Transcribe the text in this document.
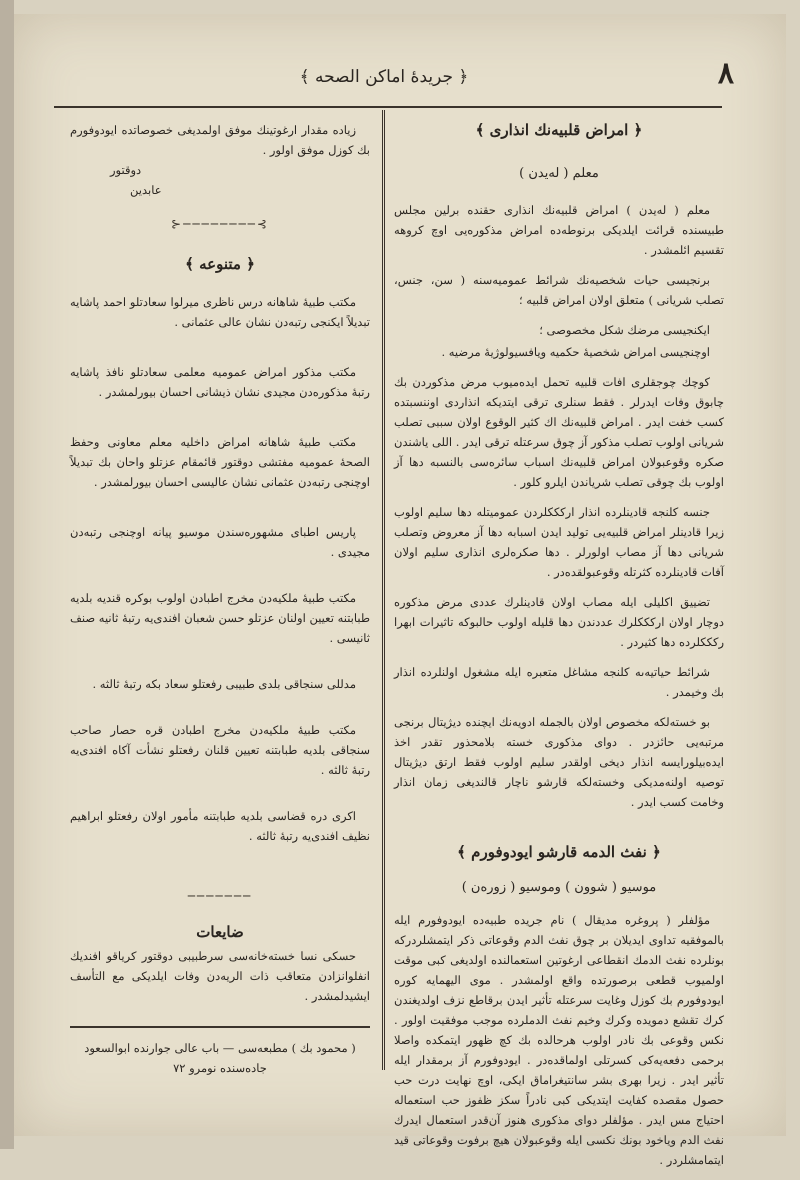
٨
﴿ جريدهٔ اماكن الصحه ﴾
﴿ امراض قلبيه‌نك انذارى ﴾
معلم ( لەيدن )

معلم ( لەيدن ) امراض قلبيه‌نك انذارى حقنده برلين مجلس طبيسنده قرائت ايلديكى برنوطه‌ده امراض مذكوره‌يى اوچ كروهه تقسيم ائلمشدر .

برنجيسى حيات شخصيه‌نك شرائط عموميه‌سنه ( سن، جنس، تصلب شريانى ) متعلق اولان امراض قلبيه ؛

ايكنجيسى مرضك شكل مخصوصى ؛

اوچنجيسى امراض شخصيهٔ حكميه ويافسيولوژيهٔ مرضيه .

كوچك چوجقلرى افات قلبيه تحمل ايده‌ميوب مرض مذكوردن بك چابوق وفات ايدرلر . فقط سنلرى ترقى ايتديكه انذاردى اوننسبتده كسب خفت ايدر . امراض قلبيه‌نك اك كثير الوقوع اولان سببى تصلب شريانى اولوب تصلب مذكور آز چوق سرعتله ترقى ايدر . اللى ياشندن صكره وقوعبولان امراض قلبيه‌نك اسباب سائره‌سى بالنسبه دها آز اولوب بك چوقى تصلب شرياندن ايلرو كلور .

جنسه كلنجه قادينلرده انذار اركككلردن عموميتله دها سليم اولوب زيرا قادينلر امراض قلبيه‌يى توليد ايدن اسبابه دها آز معروض وتصلب شريانى دها آز مصاب اولورلر . دها صكره‌لرى انذارى سليم اولان آفات قادينلرده كثرتله وقوعبولقده‌در .

تضييق اكليلى ايله مصاب اولان قادينلرك عددى مرض مذكوره دوچار اولان اركككلرك عددندن دها قليله اولوب حالبوكه تاثيرات ابهرا ركككلرده دها كثيردر .

شرائط حياتيه‌ىه كلنجه مشاغل متعبره ايله مشغول اولنلرده انذار بك وخيمدر .

بو خسته‌لكه مخصوص اولان بالجمله ادويه‌نك ايچنده ديژيتال برنجى مرتبه‌يى حائزدر . دواى مذكورى خسته بلامحذور تقدر اخذ ايده‌بيلورايسه انذار ديخى اولقدر سليم اولوب فقط ارتق ديژيتال توصيه اولنه‌مديكى وخسته‌لكه قارشو ناچار قالنديغى زمان انذار وخامت كسب ايدر .

﴿ نفث الدمه قارشو ايودوفورم ﴾
موسيو ( شوون ) وموسيو ( زوره‌ن )

مؤلفلر ( پروغره مديقال ) نام جريده طبيه‌ده ايودوفورم ايله بالموفقيه تداوى ايديلان بر چوق نفث الدم وقوعاتى ذكر ايتمشلردركه بونلرده نفث الدمك انقطاعى ارغوتين استعمالنده اولديغى كبى موقت اولميوب قطعى برصورتده واقع اولمشدر . موى اليهمايه كوره ايودوفورم بك كوزل وغايت سرعتله تأثير ايدن برقاطع نزف اولديغندن كرك تقشع دمويده وكرك وخيم نفث الدملرده موجب موفقيت اولور . نكس وقوعى بك نادر اولوب هرحالده بك كچ ظهور ايتمكده واصلا برحمى دفعه‌يه‌كى كسرتلى اولماقده‌در . ايودوفورم آز برمقدار ايله تأثير ايدر . زيرا بهرى بشر سانتيغراماق ايكى، اوچ نهايت درت حب حصول مقصده كفايت ايتديكى كبى نادراً سكز ظفوز حب استعماله احتياج مس ايدر . مؤلفلر دواى مذكورى هنوز آن‌قدر استعمال ايدرك نفث الدم وياخود بونك نكسى ايله وقوعبولان هيچ برفوت وقوعاتى قيد ايتمامشلردر .

زياده مقدار ارغوتينك موفق اولمديغى خصوصاتده ايودوفورم بك كوزل موفق اولور .

دوقتور
عابدين
⊱────────⊰
﴿ متنوعه ﴾

مكتب طبيهٔ شاهانه درس ناظرى ميرلوا سعادتلو احمد پاشايه تبديلاً ايكنجى رتبه‌دن نشان عالى عثمانى .

مكتب مذكور امراض عموميه معلمى سعادتلو نافذ پاشايه رتبهٔ مذكوره‌دن مجيدى نشان ذيشانى احسان بيورلمشدر .

مكتب طبيهٔ شاهانه امراض داخليه معلم معاونى وحفظ الصحهٔ عموميه مفتشى دوقتور قائمقام عزتلو واحان بك تبديلاً اوچنجى رتبه‌دن عثمانى نشان عاليسى احسان بيورلمشدر .

پاريس اطباى مشهوره‌سندن موسيو پيانه اوچنجى رتبه‌دن مجيدى .

مكتب طبيهٔ ملكيه‌دن مخرج اطبادن اولوب بوكره قنديه بلديه طبابتنه تعيين اولنان عزتلو حسن شعبان افندى‌يه رتبهٔ ثانيه صنف ثانيسى .

مدللى سنجاقى بلدى طبيبى رفعتلو سعاد بكه رتبهٔ ثالثه .

مكتب طبيهٔ ملكيه‌دن مخرج اطبادن قره حصار صاحب سنجاقى بلديه طبابتنه تعيين قلنان رفعتلو نشأت آكاه افندى‌يه رتبهٔ ثالثه .

اكرى دره قضاسى بلديه طبابتنه مأمور اولان رفعتلو ابراهيم نظيف افندى‌يه رتبهٔ ثالثه .

───────
ضايعات

حسكى نسا خسته‌خانه‌سى سرطبيبى دوقتور كرياقو افنديك انفلوانزادن متعاقب ذات الريه‌دن وفات ايلديكى مع التأسف ايشيدلمشدر .

( محمود بك ) مطبعه‌سى — باب عالى جوارنده ابوالسعود
جاده‌سنده نومرو ٧٢
